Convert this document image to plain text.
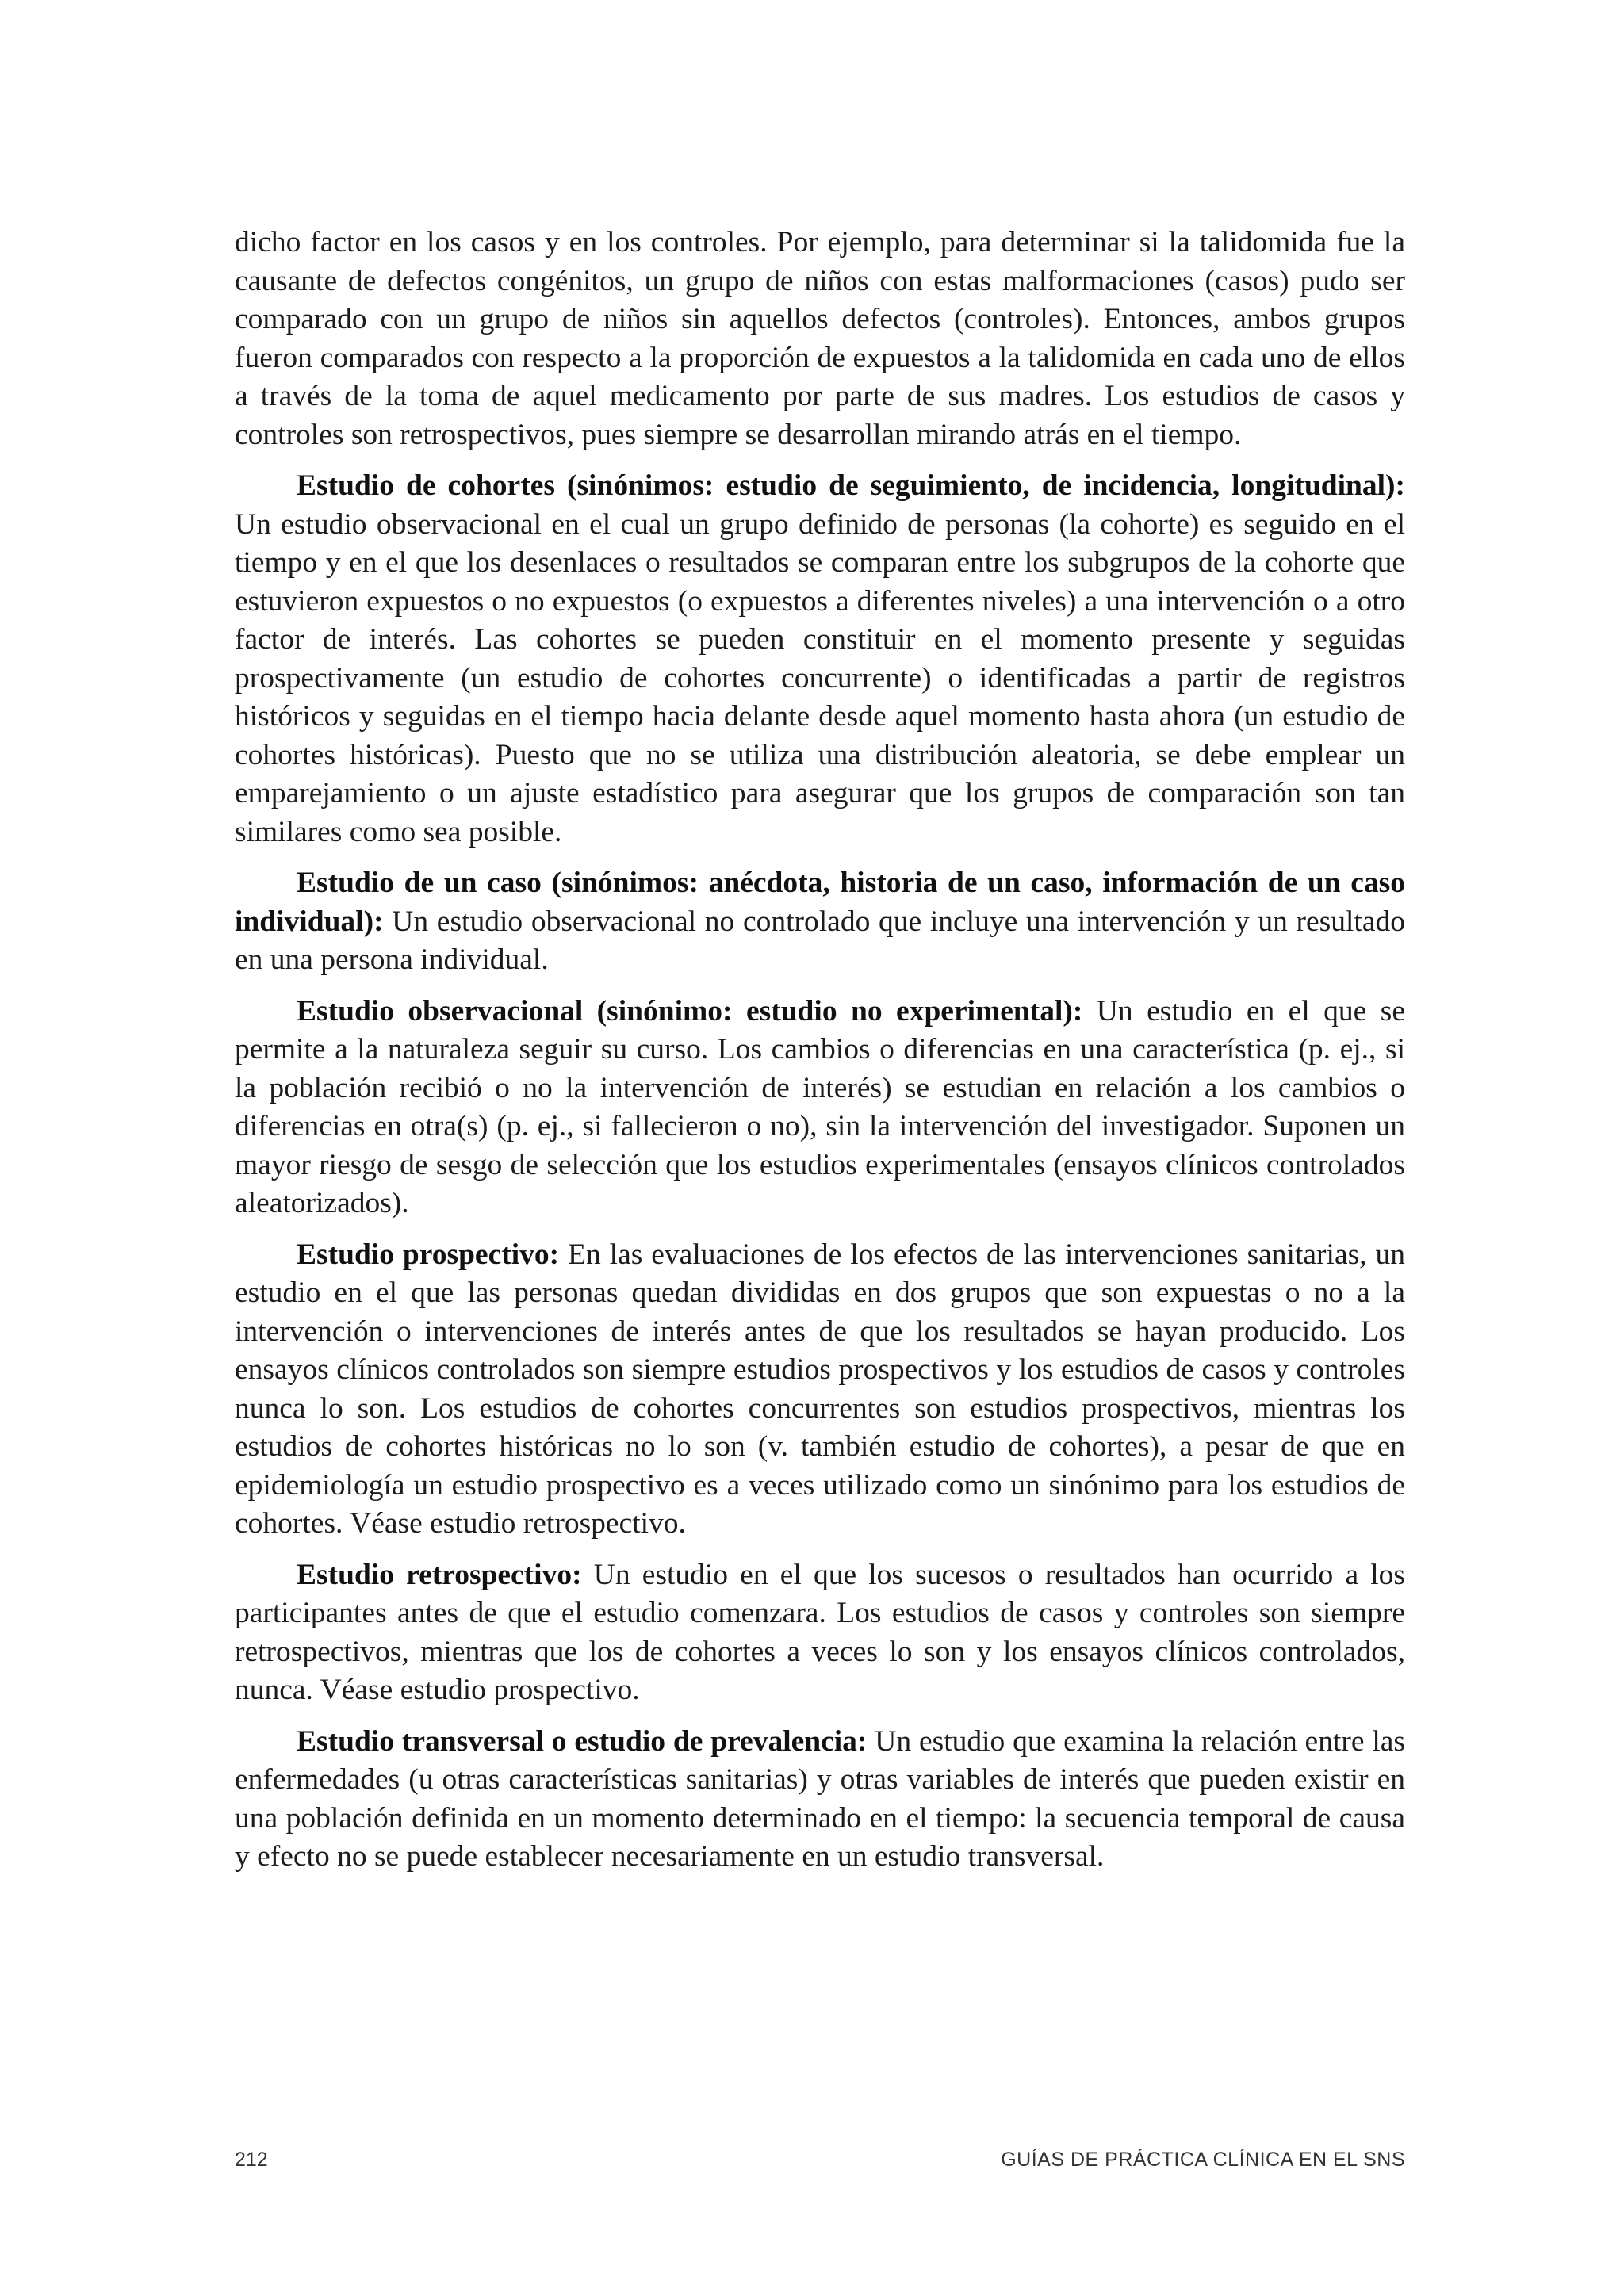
dicho factor en los casos y en los controles. Por ejemplo, para determinar si la talidomida fue la causante de defectos congénitos, un grupo de niños con estas malformaciones (casos) pudo ser comparado con un grupo de niños sin aquellos defectos (controles). Entonces, ambos grupos fueron comparados con respecto a la proporción de expuestos a la talidomida en cada uno de ellos a través de la toma de aquel medicamento por parte de sus madres. Los estudios de casos y controles son retrospectivos, pues siempre se desarrollan mirando atrás en el tiempo.

Estudio de cohortes (sinónimos: estudio de seguimiento, de incidencia, longitudinal): Un estudio observacional en el cual un grupo definido de personas (la cohorte) es seguido en el tiempo y en el que los desenlaces o resultados se comparan entre los subgrupos de la cohorte que estuvieron expuestos o no expuestos (o expuestos a diferentes niveles) a una intervención o a otro factor de interés. Las cohortes se pueden constituir en el momento presente y seguidas prospectivamente (un estudio de cohortes concurrente) o identificadas a partir de registros históricos y seguidas en el tiempo hacia delante desde aquel momento hasta ahora (un estudio de cohortes históricas). Puesto que no se utiliza una distribución aleatoria, se debe emplear un emparejamiento o un ajuste estadístico para asegurar que los grupos de comparación son tan similares como sea posible.

Estudio de un caso (sinónimos: anécdota, historia de un caso, información de un caso individual): Un estudio observacional no controlado que incluye una intervención y un resultado en una persona individual.

Estudio observacional (sinónimo: estudio no experimental): Un estudio en el que se permite a la naturaleza seguir su curso. Los cambios o diferencias en una característica (p. ej., si la población recibió o no la intervención de interés) se estudian en relación a los cambios o diferencias en otra(s) (p. ej., si fallecieron o no), sin la intervención del investigador. Suponen un mayor riesgo de sesgo de selección que los estudios experimentales (ensayos clínicos controlados aleatorizados).

Estudio prospectivo: En las evaluaciones de los efectos de las intervenciones sanitarias, un estudio en el que las personas quedan divididas en dos grupos que son expuestas o no a la intervención o intervenciones de interés antes de que los resultados se hayan producido. Los ensayos clínicos controlados son siempre estudios prospectivos y los estudios de casos y controles nunca lo son. Los estudios de cohortes concurrentes son estudios prospectivos, mientras los estudios de cohortes históricas no lo son (v. también estudio de cohortes), a pesar de que en epidemiología un estudio prospectivo es a veces utilizado como un sinónimo para los estudios de cohortes. Véase estudio retrospectivo.

Estudio retrospectivo: Un estudio en el que los sucesos o resultados han ocurrido a los participantes antes de que el estudio comenzara. Los estudios de casos y controles son siempre retrospectivos, mientras que los de cohortes a veces lo son y los ensayos clínicos controlados, nunca. Véase estudio prospectivo.

Estudio transversal o estudio de prevalencia: Un estudio que examina la relación entre las enfermedades (u otras características sanitarias) y otras variables de interés que pueden existir en una población definida en un momento determinado en el tiempo: la secuencia temporal de causa y efecto no se puede establecer necesariamente en un estudio transversal.

212	GUÍAS DE PRÁCTICA CLÍNICA EN EL SNS
